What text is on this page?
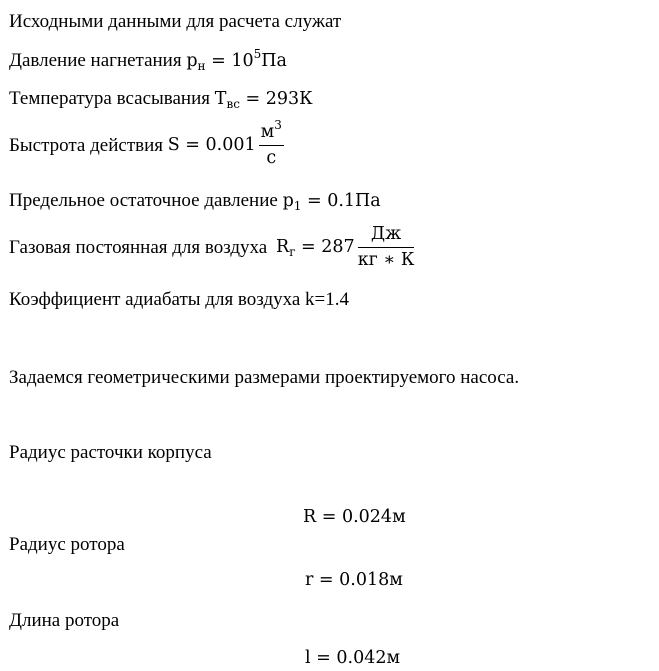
Исходными данными для расчета служат
Давление нагнетания $p_н = 10^5Па$
Температура всасывания $T_{вс} = 293К$
Быстрота действия $S = 0.001 \frac{м^3}{с}$
Предельное остаточное давление $p_1 = 0.1Па$
Газовая постоянная для воздуха $R_г = 287 \frac{Дж}{кг ∗ К}$
Коэффициент адиабаты для воздуха k=1.4
Задаемся геометрическими размерами проектируемого насоса.
Радиус расточки корпуса
R = 0.024м
Радиус ротора
r = 0.018м
Длина ротора
l = 0.042м
